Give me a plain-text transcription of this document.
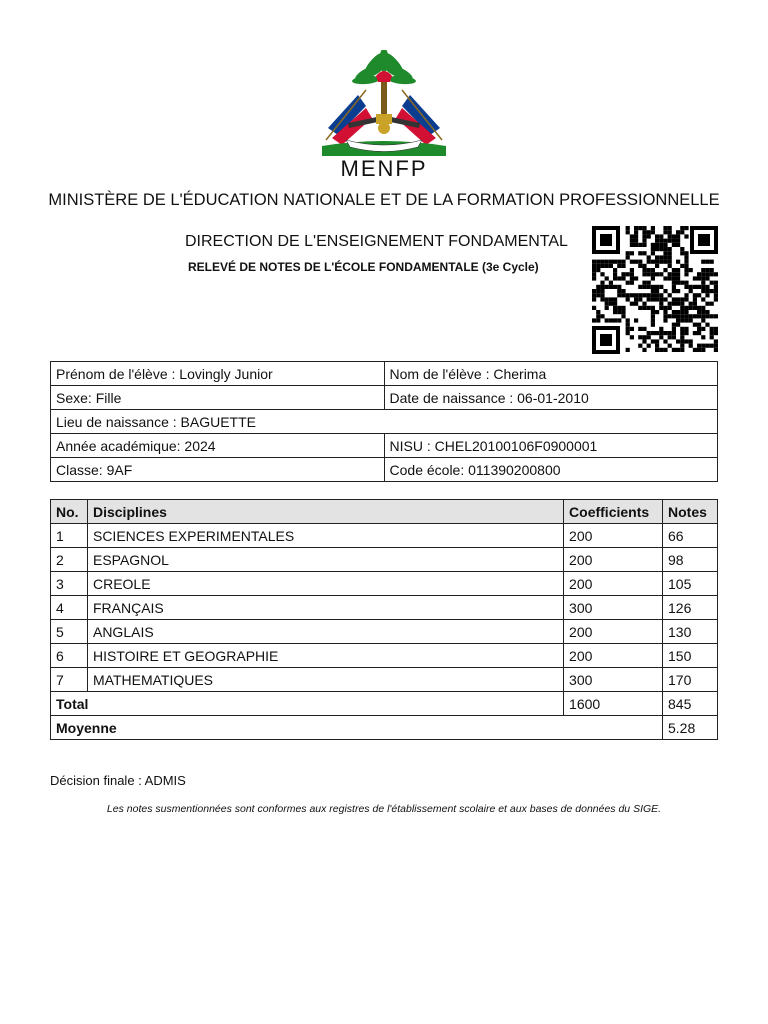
MENFP
MINISTÈRE DE L'ÉDUCATION NATIONALE ET DE LA FORMATION PROFESSIONNELLE
DIRECTION DE L'ENSEIGNEMENT FONDAMENTAL
RELEVÉ DE NOTES DE L'ÉCOLE FONDAMENTALE (3e Cycle)
Prénom de l'élève : Lovingly Junior	Nom de l'élève : Cherima
Sexe: Fille	Date de naissance : 06-01-2010
Lieu de naissance : BAGUETTE	
Année académique: 2024	NISU : CHEL20100106F0900001
Classe: 9AF	Code école: 011390200800
No.	Disciplines	Coefficients	Notes
1	SCIENCES EXPERIMENTALES	200	66
2	ESPAGNOL	200	98
3	CREOLE	200	105
4	FRANÇAIS	300	126
5	ANGLAIS	200	130
6	HISTOIRE ET GEOGRAPHIE	200	150
7	MATHEMATIQUES	300	170
Total		1600	845
Moyenne			5.28
Décision finale : ADMIS
Les notes susmentionnées sont conformes aux registres de l'établissement scolaire et aux bases de données du SIGE.
